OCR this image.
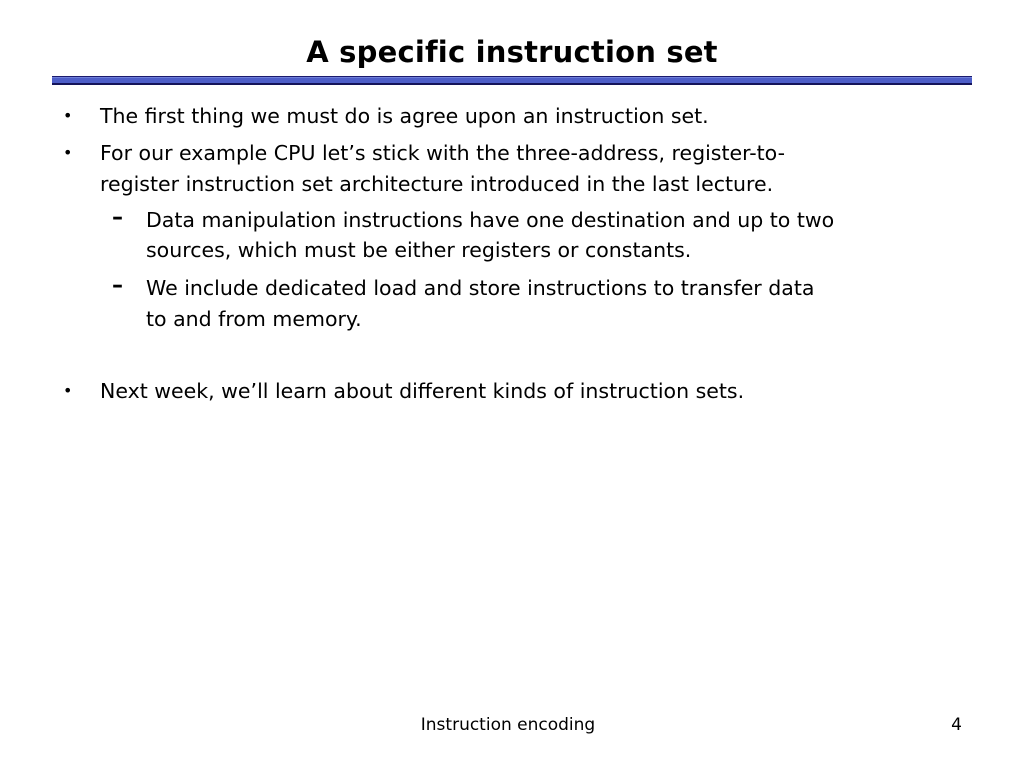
A specific instruction set
• The first thing we must do is agree upon an instruction set.
• For our example CPU let’s stick with the three-address, register-to-
register instruction set architecture introduced in the last lecture.
– Data manipulation instructions have one destination and up to two
sources, which must be either registers or constants.
– We include dedicated load and store instructions to transfer data
to and from memory.
• Next week, we’ll learn about different kinds of instruction sets.
Instruction encoding	4
